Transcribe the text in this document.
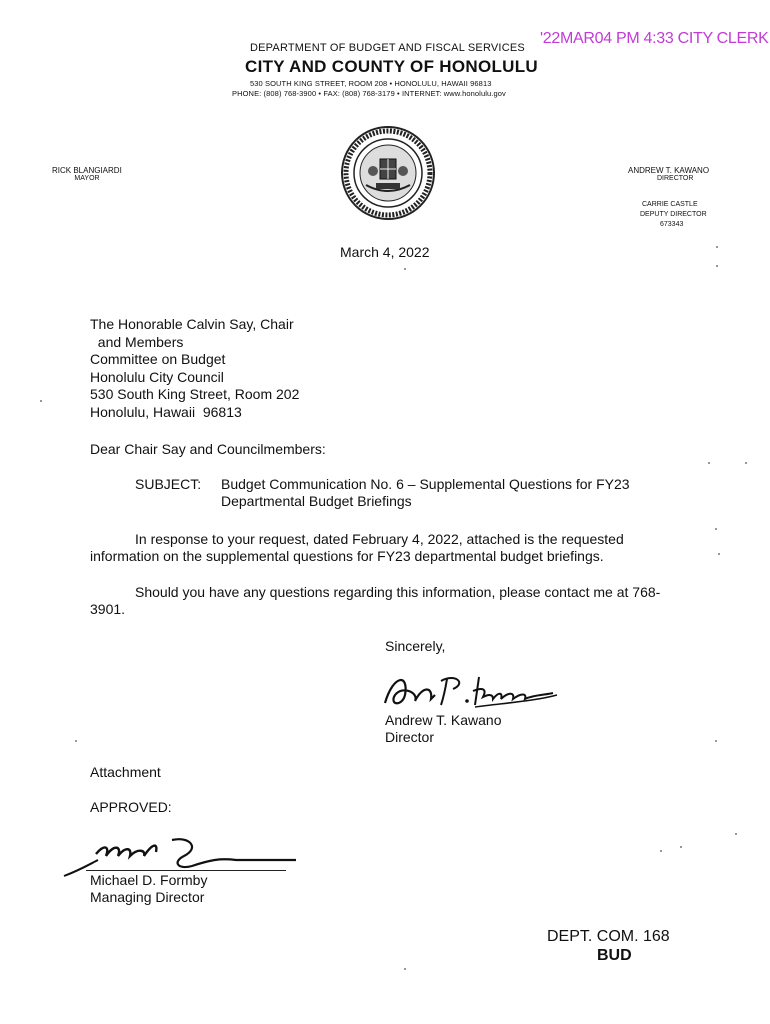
'22MAR04 PM 4:33 CITY CLERK
DEPARTMENT OF BUDGET AND FISCAL SERVICES
CITY AND COUNTY OF HONOLULU
530 SOUTH KING STREET, ROOM 208 • HONOLULU, HAWAII 96813
PHONE: (808) 768-3900 • FAX: (808) 768-3179 • INTERNET: www.honolulu.gov
RICK BLANGIARDI
MAYOR
ANDREW T. KAWANO
DIRECTOR
CARRIE CASTLE
DEPUTY DIRECTOR
673343
March 4, 2022
The Honorable Calvin Say, Chair
and Members
Committee on Budget
Honolulu City Council
530 South King Street, Room 202
Honolulu, Hawaii  96813
Dear Chair Say and Councilmembers:
SUBJECT: Budget Communication No. 6 – Supplemental Questions for FY23
Departmental Budget Briefings
In response to your request, dated February 4, 2022, attached is the requested information on the supplemental questions for FY23 departmental budget briefings.
Should you have any questions regarding this information, please contact me at 768-3901.
Sincerely,
Andrew T. Kawano
Director
Attachment
APPROVED:
Michael D. Formby
Managing Director
DEPT. COM. 168
BUD
